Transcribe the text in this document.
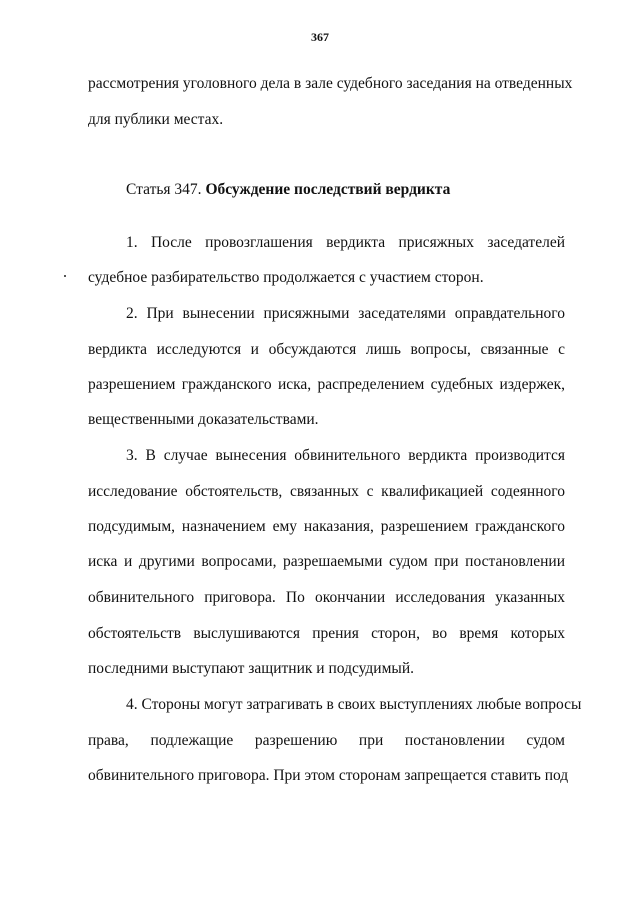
367
рассмотрения уголовного дела в зале судебного заседания на отведенных
для публики местах.
Статья 347. Обсуждение последствий вердикта
1. После провозглашения вердикта присяжных заседателей
судебное разбирательство продолжается с участием сторон.
2. При вынесении присяжными заседателями оправдательного
вердикта исследуются и обсуждаются лишь вопросы, связанные с
разрешением гражданского иска, распределением судебных издержек,
вещественными доказательствами.
3. В случае вынесения обвинительного вердикта производится
исследование обстоятельств, связанных с квалификацией содеянного
подсудимым, назначением ему наказания, разрешением гражданского
иска и другими вопросами, разрешаемыми судом при постановлении
обвинительного приговора. По окончании исследования указанных
обстоятельств выслушиваются прения сторон, во время которых
последними выступают защитник и подсудимый.
4. Стороны могут затрагивать в своих выступлениях любые вопросы
права, подлежащие разрешению при постановлении судом
обвинительного приговора. При этом сторонам запрещается ставить под
